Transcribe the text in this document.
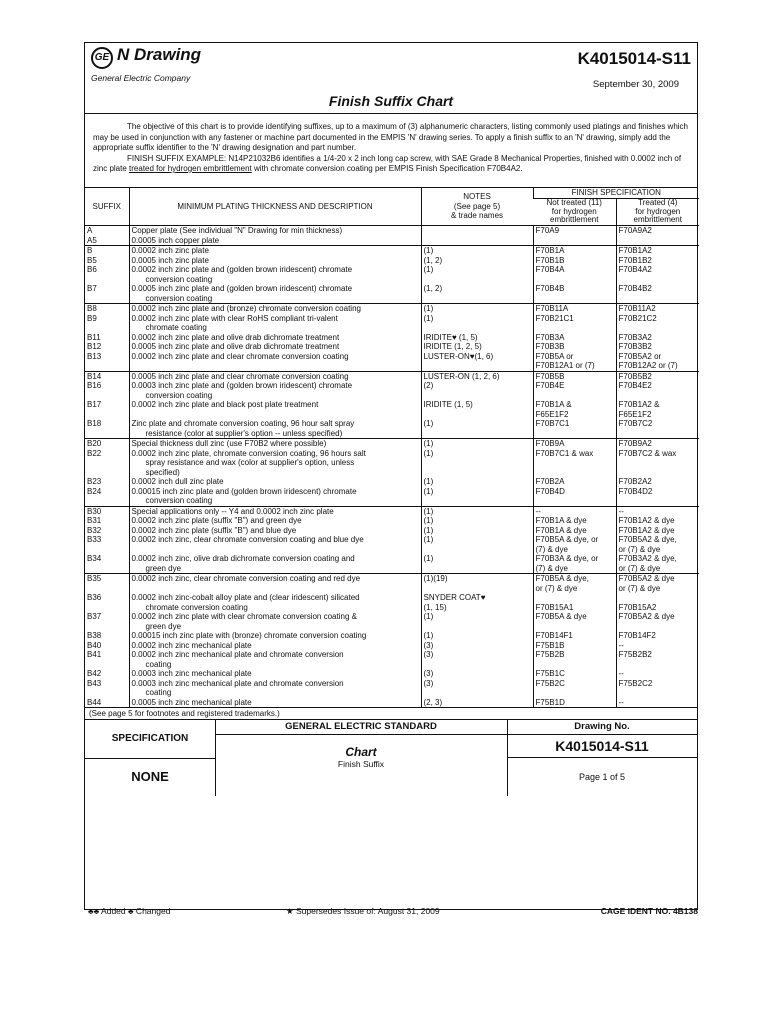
GE N Drawing
General Electric Company
K4015014-S11
September 30, 2009
Finish Suffix Chart

The objective of this chart is to provide identifying suffixes, up to a maximum of (3) alphanumeric characters, listing commonly used platings and finishes which may be used in conjunction with any fastener or machine part documented in the EMPIS 'N' drawing series. To apply a finish suffix to an 'N' drawing, simply add the appropriate suffix identifier to the 'N' drawing designation and part number.

FINISH SUFFIX EXAMPLE: N14P21032B6 identifies a 1/4-20 x 2 inch long cap screw, with SAE Grade 8 Mechanical Properties, finished with 0.0002 inch of zinc plate treated for hydrogen embrittlement with chromate conversion coating per EMPIS Finish Specification F70B4A2.

SUFFIX	MINIMUM PLATING THICKNESS AND DESCRIPTION	NOTES
(See page 5)
& trade names	FINISH SPECIFICATION	
			Not treated (11)
for hydrogen
embrittlement	Treated (4)
for hydrogen
embrittlement
A	Copper plate (See individual "N" Drawing for min thickness)		F70A9	F70A9A2
A5	0.0005 inch copper plate			
B	0.0002 inch zinc plate	(1)	F70B1A	F70B1A2
B5	0.0005 inch zinc plate	(1, 2)	F70B1B	F70B1B2
B6	0.0002 inch zinc plate and (golden brown iridescent) chromate	(1)	F70B4A	F70B4A2
	conversion coating			
B7	0.0005 inch zinc plate and (golden brown iridescent) chromate	(1, 2)	F70B4B	F70B4B2
	conversion coating			
B8	0.0002 inch zinc plate and (bronze) chromate conversion coating	(1)	F70B11A	F70B11A2
B9	0.0002 inch zinc plate with clear RoHS compliant tri-valent	(1)	F70B21C1	F70B21C2
	chromate coating			
B11	0.0002 inch zinc plate and olive drab dichromate treatment	IRIDITE♥ (1, 5)	F70B3A	F70B3A2
B12	0.0005 inch zinc plate and olive drab dichromate treatment	IRIDITE (1, 2, 5)	F70B3B	F70B3B2
B13	0.0002 inch zinc plate and clear chromate conversion coating	LUSTER-ON♥(1, 6)	F70B5A or	F70B5A2 or
			F70B12A1 or (7)	F70B12A2 or (7)
B14	0.0005 inch zinc plate and clear chromate conversion coating	LUSTER-ON (1, 2, 6)	F70B5B	F70B5B2
B16	0.0003 inch zinc plate and (golden brown iridescent) chromate	(2)	F70B4E	F70B4E2
	conversion coating			
B17	0.0002 inch zinc plate and black post plate treatment	IRIDITE (1, 5)	F70B1A &	F70B1A2 &
			F65E1F2	F65E1F2
B18	Zinc plate and chromate conversion coating, 96 hour salt spray	(1)	F70B7C1	F70B7C2
	resistance (color at supplier's option -- unless specified)			
B20	Special thickness dull zinc (use F70B2 where possible)	(1)	F70B9A	F70B9A2
B22	0.0002 inch zinc plate, chromate conversion coating, 96 hours salt	(1)	F70B7C1 & wax	F70B7C2 & wax
	spray resistance and wax (color at supplier's option, unless			
	specified)			
B23	0.0002 inch dull zinc plate	(1)	F70B2A	F70B2A2
B24	0.00015 inch zinc plate and (golden brown iridescent) chromate	(1)	F70B4D	F70B4D2
	conversion coating			
B30	Special applications only -- Y4 and 0.0002 inch zinc plate	(1)	--	--
B31	0.0002 inch zinc plate (suffix "B") and green dye	(1)	F70B1A & dye	F70B1A2 & dye
B32	0.0002 inch zinc plate (suffix "B") and blue dye	(1)	F70B1A & dye	F70B1A2 & dye
B33	0.0002 inch zinc, clear chromate conversion coating and blue dye	(1)	F70B5A & dye, or	F70B5A2 & dye,
			(7) & dye	or (7) & dye
B34	0.0002 inch zinc, olive drab dichromate conversion coating and	(1)	F70B3A & dye, or	F70B3A2 & dye,
	green dye		(7) & dye	or (7) & dye
B35	0.0002 inch zinc, clear chromate conversion coating and red dye	(1)(19)	F70B5A & dye,	F70B5A2 & dye
			or (7) & dye	or (7) & dye
B36	0.0002 inch zinc-cobalt alloy plate and (clear iridescent) silicated	SNYDER COAT♥		
	chromate conversion coating	(1, 15)	F70B15A1	F70B15A2
B37	0.0002 inch zinc plate with clear chromate conversion coating &	(1)	F70B5A & dye	F70B5A2 & dye
	green dye			
B38	0.00015 inch zinc plate with (bronze) chromate conversion coating	(1)	F70B14F1	F70B14F2
B40	0.0002 inch zinc mechanical plate	(3)	F75B1B	--
B41	0.0002 inch zinc mechanical plate and chromate conversion	(3)	F75B2B	F75B2B2
	coating			
B42	0.0003 inch zinc mechanical plate	(3)	F75B1C	--
B43	0.0003 inch zinc mechanical plate and chromate conversion	(3)	F75B2C	F75B2C2
	coating			
B44	0.0005 inch zinc mechanical plate	(2, 3)	F75B1D	--
(See page 5 for footnotes and registered trademarks.)
SPECIFICATION
NONE
GENERAL ELECTRIC STANDARD
Chart
Finish Suffix
Drawing No.
K4015014-S11
Page 1 of 5
♣♣ Added ♣ Changed	★ Supersedes Issue of: August 31, 2009	CAGE IDENT NO. 4B138
